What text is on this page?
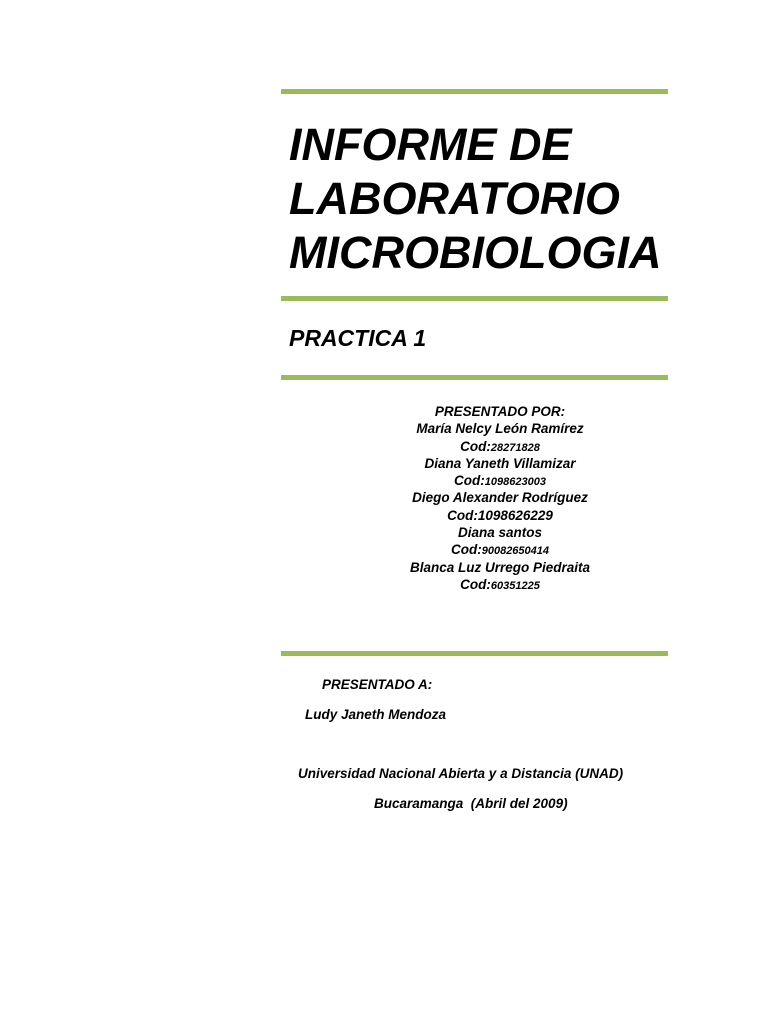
INFORME DE
LABORATORIO
MICROBIOLOGIA
PRACTICA 1
PRESENTADO POR:
María Nelcy León Ramírez
Cod:28271828
Diana Yaneth Villamizar
Cod:1098623003
Diego Alexander Rodríguez
Cod:1098626229
Diana santos
Cod:90082650414
Blanca Luz Urrego Piedraita
Cod:60351225
PRESENTADO A:
Ludy Janeth Mendoza
Universidad Nacional Abierta y a Distancia (UNAD)
Bucaramanga  (Abril del 2009)
